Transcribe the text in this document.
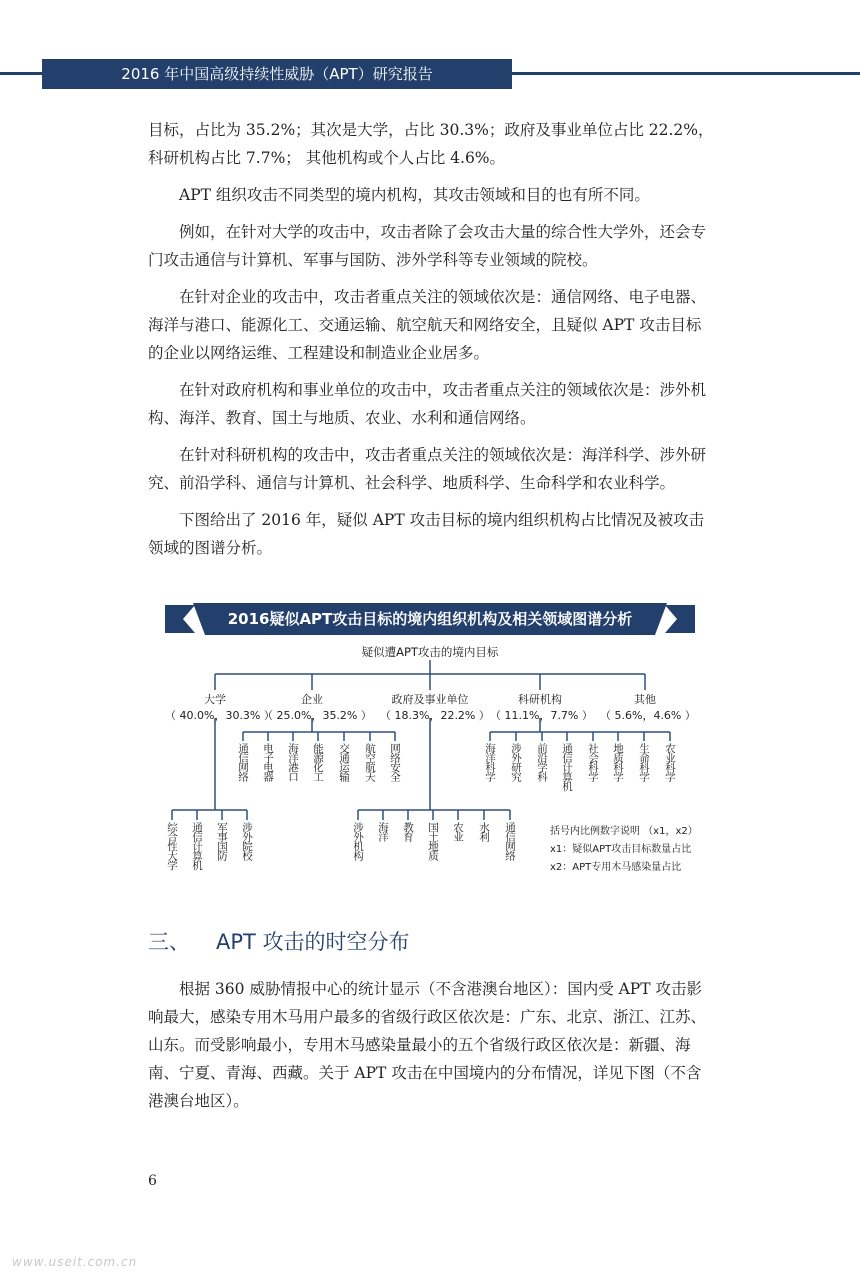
2016 年中国高级持续性威胁（APT）研究报告

目标，占比为 35.2%；其次是大学，占比 30.3%；政府及事业单位占比 22.2%，科研机构占比 7.7%； 其他机构或个人占比 4.6%。

APT 组织攻击不同类型的境内机构，其攻击领域和目的也有所不同。

例如，在针对大学的攻击中，攻击者除了会攻击大量的综合性大学外，还会专门攻击通信与计算机、军事与国防、涉外学科等专业领域的院校。

在针对企业的攻击中，攻击者重点关注的领域依次是：通信网络、电子电器、海洋与港口、能源化工、交通运输、航空航天和网络安全，且疑似 APT 攻击目标的企业以网络运维、工程建设和制造业企业居多。

在针对政府机构和事业单位的攻击中，攻击者重点关注的领域依次是：涉外机构、海洋、教育、国土与地质、农业、水利和通信网络。

在针对科研机构的攻击中，攻击者重点关注的领域依次是：海洋科学、涉外研究、前沿学科、通信与计算机、社会科学、地质科学、生命科学和农业科学。

下图给出了 2016 年，疑似 APT 攻击目标的境内组织机构占比情况及被攻击领域的图谱分析。

2016疑似APT攻击目标的境内组织机构及相关领域图谱分析
疑似遭APT攻击的境内目标
大学
（ 40.0%，30.3% ）
企业
（ 25.0%，35.2% ）
政府及事业单位
（ 18.3%，22.2% ）
科研机构
（ 11.1%，7.7% ）
其他
（ 5.6%，4.6% ）
通信网络 电子电器 海洋港口 能源化工 交通运输 航空航天 网络安全	海洋科学 涉外研究 前沿学科 通信计算机 社会科学 地质科学 生命科学 农业科学
综合性大学 通信计算机 军事国防 涉外院校	涉外机构 海洋 教育 国土地质 农业 水利 通信网络	括号内比例数字说明 （x1，x2）
x1：疑似APT攻击目标数量占比
x2：APT专用木马感染量占比
三、 APT 攻击的时空分布

根据 360 威胁情报中心的统计显示（不含港澳台地区）：国内受 APT 攻击影响最大，感染专用木马用户最多的省级行政区依次是：广东、北京、浙江、江苏、山东。而受影响最小，专用木马感染量最小的五个省级行政区依次是：新疆、海南、宁夏、青海、西藏。关于 APT 攻击在中国境内的分布情况，详见下图（不含港澳台地区）。

6
www.useit.com.cn
